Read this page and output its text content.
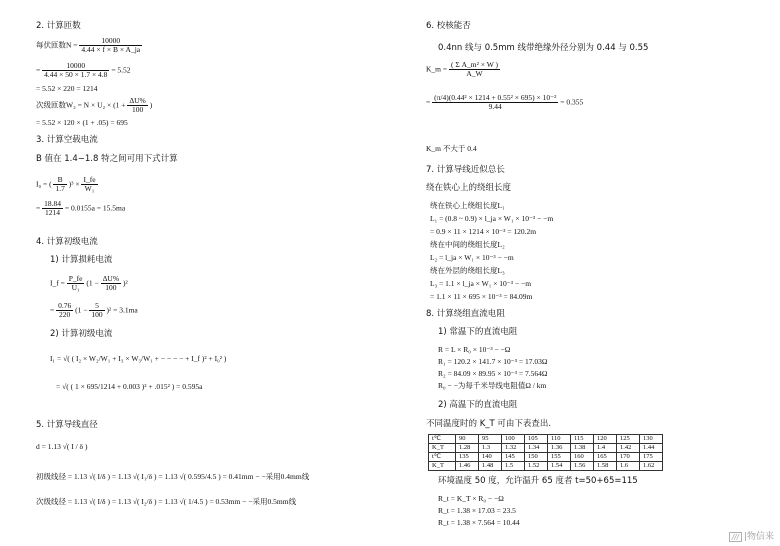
2. 计算匝数
每伏匝数$N = \frac{10000}{4.44 \times f \times B \times A\_ja}$
= $\frac{10000}{4.44 \times 50 \times 1.7 \times 4.8} = 5.52$
= 5.52 × 220 = 1214
次级匝数$W_2 = N \times U_2 \times (1 + \frac{\Delta U\%}{100}$ )
= 5.52 × 120 × (1 + .05) = 695
3. 计算空载电流
B 值在 1.4−1.8 特之间可用下式计算
I₀ = ( $\frac{B}{1.7} )^3 \times \frac{I\_fe}{\text{W₁}}$
= $\frac{18.84}{1214} = 0.0155a = 15.5ma$
4. 计算初级电流
1) 计算损耗电流
I_f = $\frac{P\_fe}{\text{U₁}} (1 - \frac{\Delta U\%}{100} )^2$
= $\frac{0.76}{220} (1 - \frac{5}{100} )^2 = 3.1ma$
2) 计算初级电流
I₁ = √( ( I₂ × W₂/W₁ + I₃ × W₃/W₁ + − − − − + I_f )² + I₀² )
= √( ( 1 × 695/1214 + 0.003 )² + .015² ) = 0.595a
5. 计算导线直径
d = 1.13 √( I / δ )
初级线径 = 1.13 √( I/δ ) = 1.13 √( I₁/δ ) = 1.13 √( 0.595/4.5 ) = 0.41mm − −采用0.4mm线
次级线径 = 1.13 √( I/δ ) = 1.13 √( I₂/δ ) = 1.13 √( 1/4.5 ) = 0.53mm − −采用0.5mm线
6. 校核能否
0.4nn 线与 0.5mm 线带绝缘外径分别为 0.44 与 0.55
K_m = $\frac{\text{( Σ A\_m² × W )}}{A\_W}$
= $\frac{\text{(π/4)(0.44² × 1214 + 0.55² × 695) × 10⁻²}}{9.44} = 0.355$
K_m 不大于 0.4
7. 计算导线近似总长
绕在铁心上的绕组长度
绕在铁心上绕组长度L₁
L₁ = (0.8 ~ 0.9) × l_ja × W₁ × 10⁻³ − −m
= 0.9 × 11 × 1214 × 10⁻³ = 120.2m
绕在中间的绕组长度L₂
L₂ = l_ja × W₁ × 10⁻³ − −m
绕在外层的绕组长度L₃
L₃ = 1.1 × l_ja × W₁ × 10⁻³ − −m
= 1.1 × 11 × 695 × 10⁻³ = 84.09m
8. 计算绕组直流电阻
1) 常温下的直流电阻
R = L × R₀ × 10⁻³ − −Ω
R₁ = 120.2 × 141.7 × 10⁻³ = 17.03Ω
R₂ = 84.09 × 89.95 × 10⁻³ = 7.564Ω
R₀ − −为每千米导线电阻值Ω / km
2) 高温下的直流电阻
不同温度时的 K_T 可由下表查出.
t℃	90	95	100	105	110	115	120	125	130
K_T	1.28	1.3	1.32	1.34	1.36	1.38	1.4	1.42	1.44
t℃	135	140	145	150	155	160	165	170	175
K_T	1.46	1.48	1.5	1.52	1.54	1.56	1.58	1.6	1.62
环境温度 50 度，允许温升 65 度者 t=50+65=115
R_t = K_T × R₀ − −Ω
R_t = 1.38 × 17.03 = 23.5
R_t = 1.38 × 7.564 = 10.44
/// |物信来
